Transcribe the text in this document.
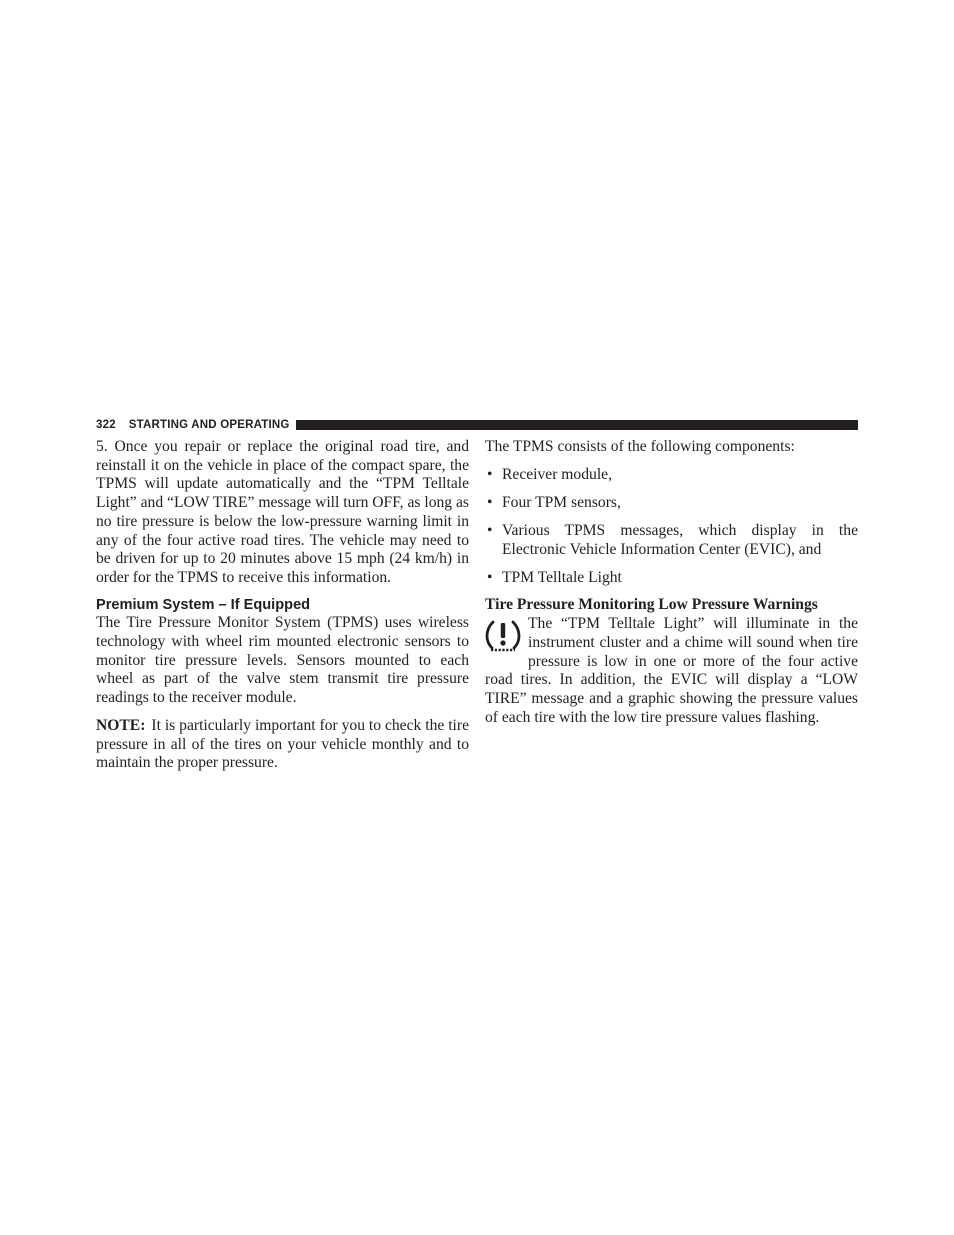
322 STARTING AND OPERATING

5. Once you repair or replace the original road tire, and reinstall it on the vehicle in place of the compact spare, the TPMS will update automatically and the “TPM Telltale Light” and “LOW TIRE” message will turn OFF, as long as no tire pressure is below the low-pressure warning limit in any of the four active road tires. The vehicle may need to be driven for up to 20 minutes above 15 mph (24 km/h) in order for the TPMS to receive this information.

Premium System – If Equipped

The Tire Pressure Monitor System (TPMS) uses wireless technology with wheel rim mounted electronic sensors to monitor tire pressure levels. Sensors mounted to each wheel as part of the valve stem transmit tire pressure readings to the receiver module.

NOTE: It is particularly important for you to check the tire pressure in all of the tires on your vehicle monthly and to maintain the proper pressure.

The TPMS consists of the following components:

• Receiver module,
• Four TPM sensors,
• Various TPMS messages, which display in the Electronic Vehicle Information Center (EVIC), and
• TPM Telltale Light
Tire Pressure Monitoring Low Pressure Warnings

The “TPM Telltale Light” will illuminate in the instrument cluster and a chime will sound when tire pressure is low in one or more of the four active road tires. In addition, the EVIC will display a “LOW TIRE” message and a graphic showing the pressure values of each tire with the low tire pressure values flashing.
